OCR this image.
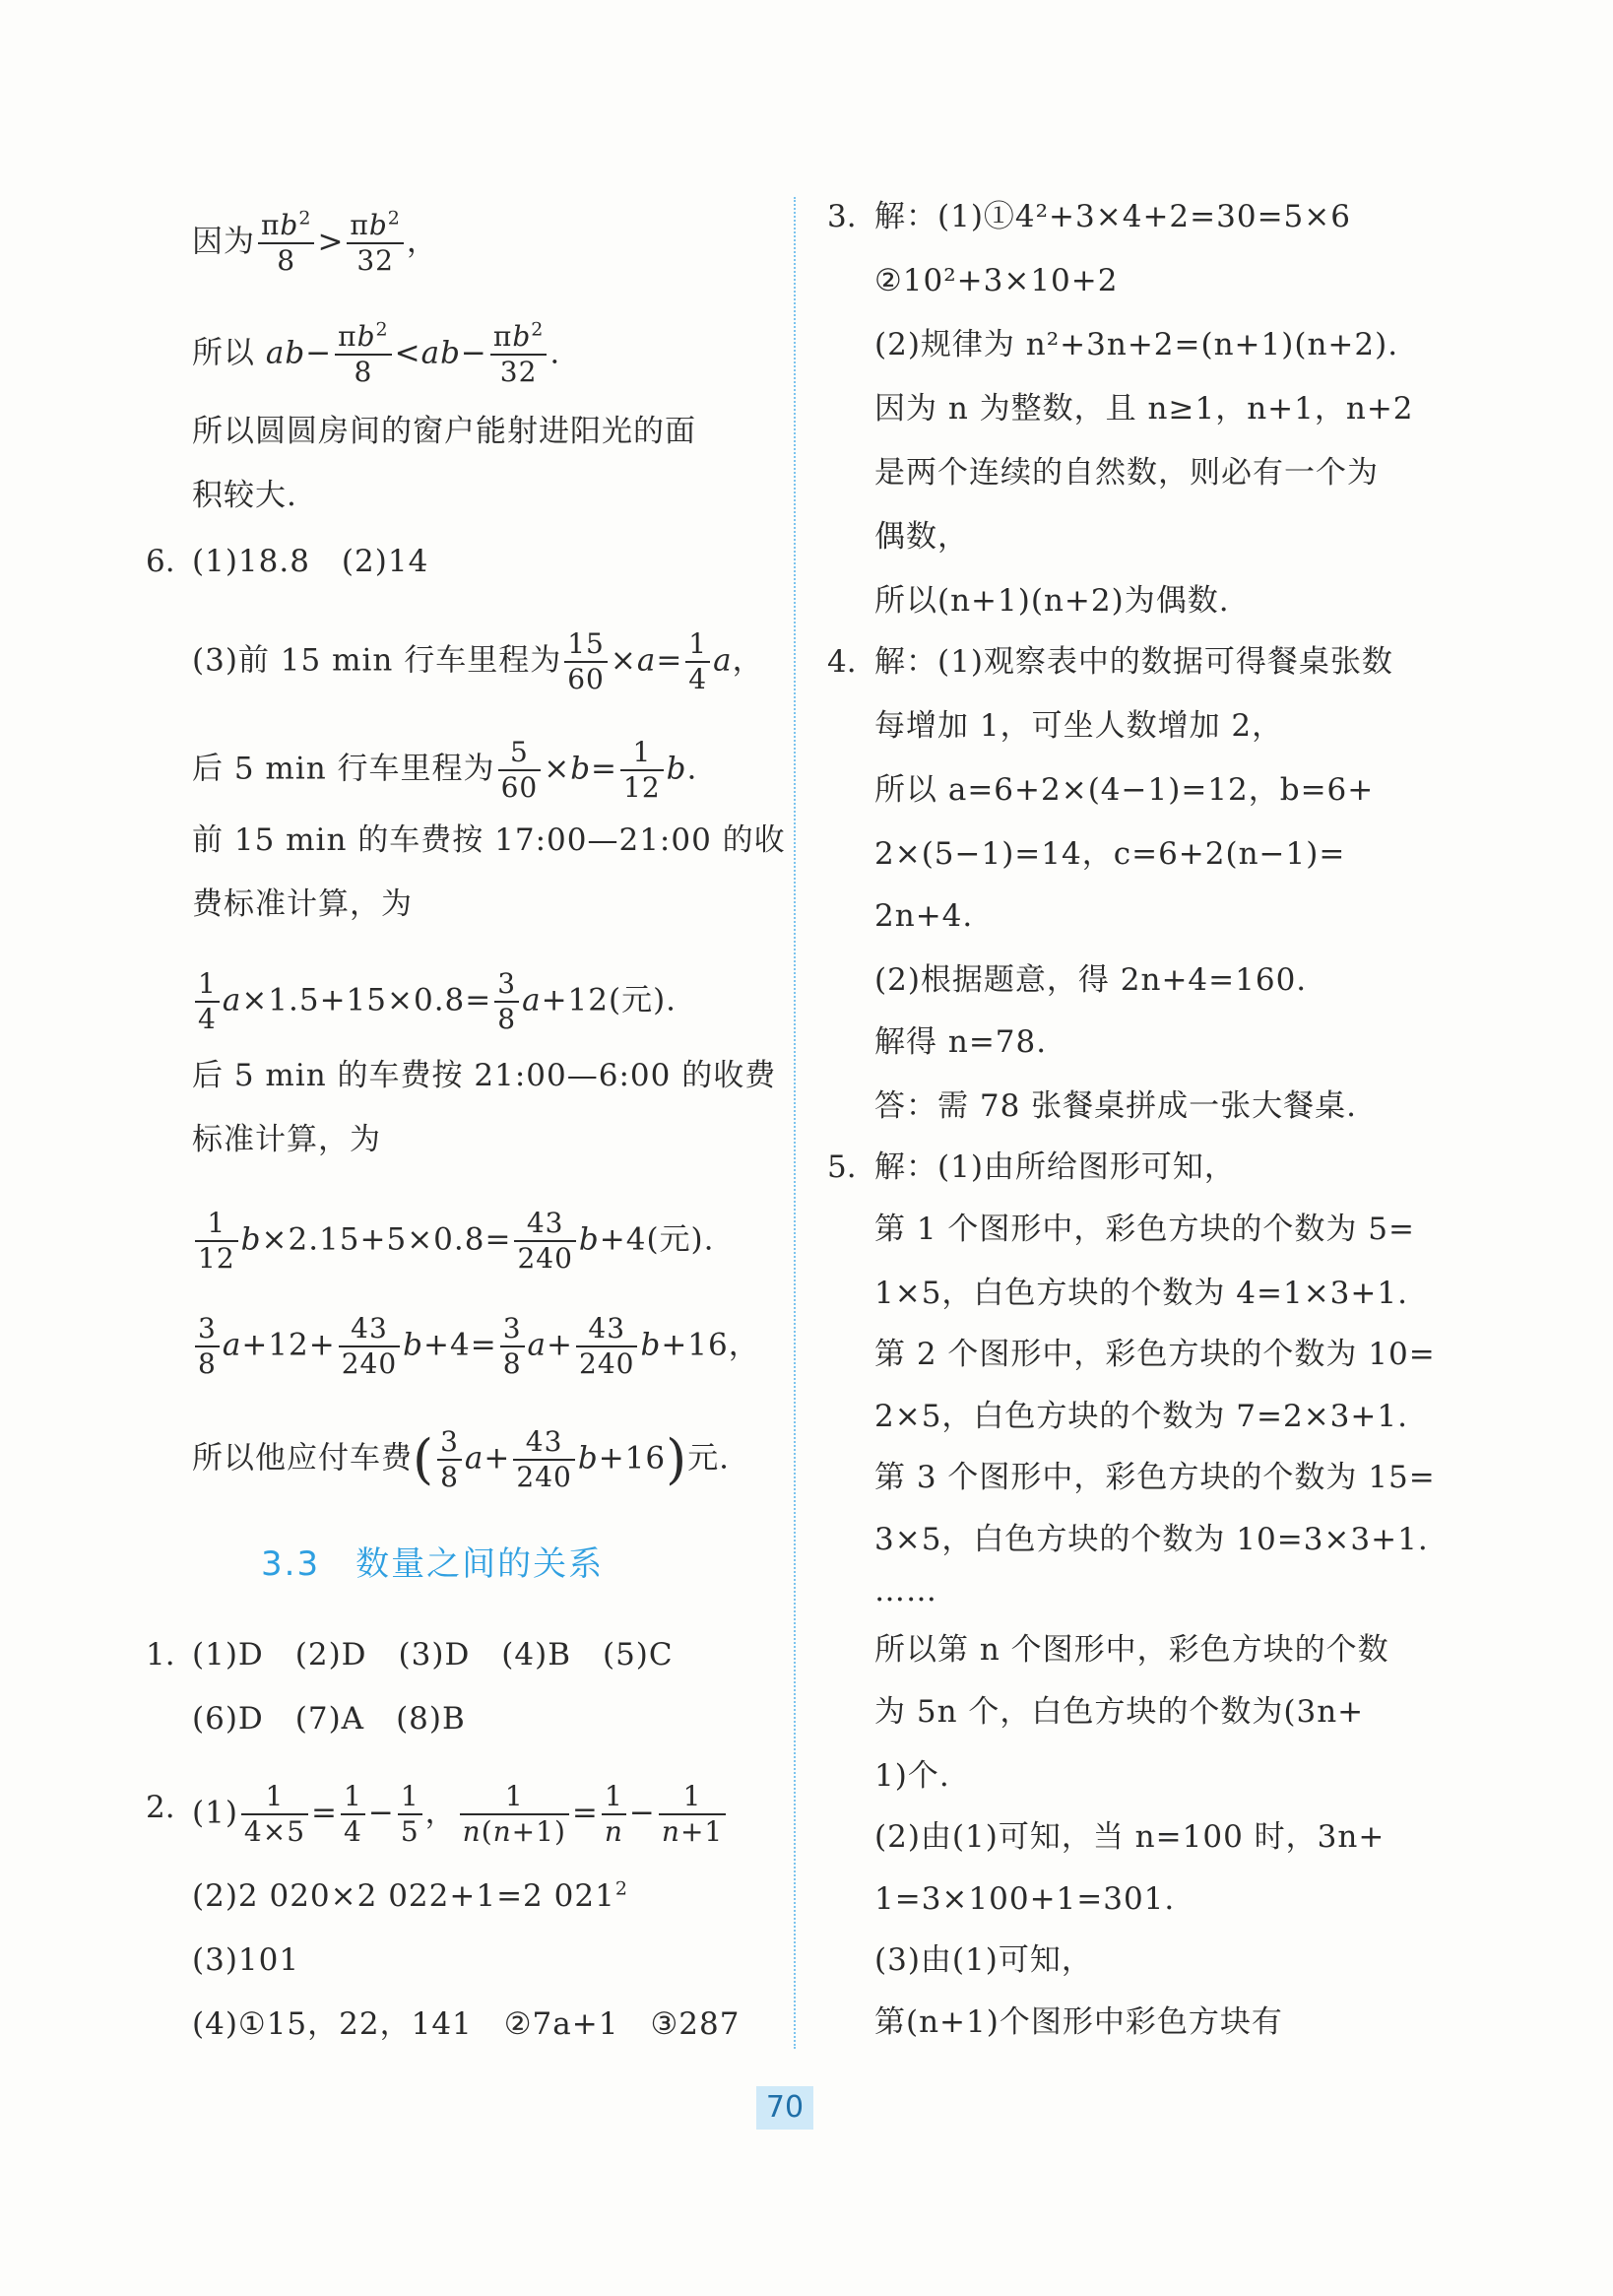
因为 $\frac{\pi b^2}{8} > \frac{\pi b^2}{32}$ ，
所以 $ab- \frac{\pi b^2}{8} <ab- \frac{\pi b^2}{32}$ .
所以圆圆房间的窗户能射进阳光的面
积较大.
6. (1)18.8　(2)14
(3)前 15 min 行车里程为 $\frac{15}{60} \times a= \frac{1}{4}$ a，
后 5 min 行车里程为 $\frac{5}{60} \times b= \frac{1}{12} b$.
前 15 min 的车费按 17:00—21:00 的收
费标准计算，为
$\frac{1}{4} a\times 1.5+15\times 0.8= \frac{3}{8} a+12$(元).
后 5 min 的车费按 21:00—6:00 的收费
标准计算，为
$\frac{1}{12} b\times 2.15+5\times 0.8= \frac{43}{240} b+4$(元).
$\frac{3}{8} a+12+ \frac{43}{240} b+4= \frac{3}{8} a+ \frac{43}{240} b+16$，
所以他应付车费( $\frac{3}{8} a+ \frac{43}{240} b+16$)元.
3.3　数量之间的关系
1. (1)D　(2)D　(3)D　(4)B　(5)C
(6)D　(7)A　(8)B
2. $(1) \frac{1}{4\times 5} = \frac{1}{4} - \frac{1}{5}$ ， $\frac{1}{n(n+1)} = \frac{1}{n} - \frac{1}{n+1}$
(2)2 020×2 022+1=2 $021^2$
(3)101
(4)①15，22，141　②7a+1　③287
3. 解：(1)①4²+3×4+2=30=5×6
②10²+3×10+2
(2)规律为 n²+3n+2=(n+1)(n+2).
因为 n 为整数，且 n≥1，n+1，n+2
是两个连续的自然数，则必有一个为
偶数，
所以(n+1)(n+2)为偶数.
4. 解：(1)观察表中的数据可得餐桌张数
每增加 1，可坐人数增加 2，
所以 a=6+2×(4−1)=12，b=6+
2×(5−1)=14，c=6+2(n−1)=
2n+4.
(2)根据题意，得 2n+4=160.
解得 n=78.
答：需 78 张餐桌拼成一张大餐桌.
5. 解：(1)由所给图形可知，
第 1 个图形中，彩色方块的个数为 5=
1×5，白色方块的个数为 4=1×3+1.
第 2 个图形中，彩色方块的个数为 10=
2×5，白色方块的个数为 7=2×3+1.
第 3 个图形中，彩色方块的个数为 15=
3×5，白色方块的个数为 10=3×3+1.
……
所以第 n 个图形中，彩色方块的个数
为 5n 个，白色方块的个数为(3n+
1)个.
(2)由(1)可知，当 n=100 时，3n+
1=3×100+1=301.
(3)由(1)可知，
第(n+1)个图形中彩色方块有
70
